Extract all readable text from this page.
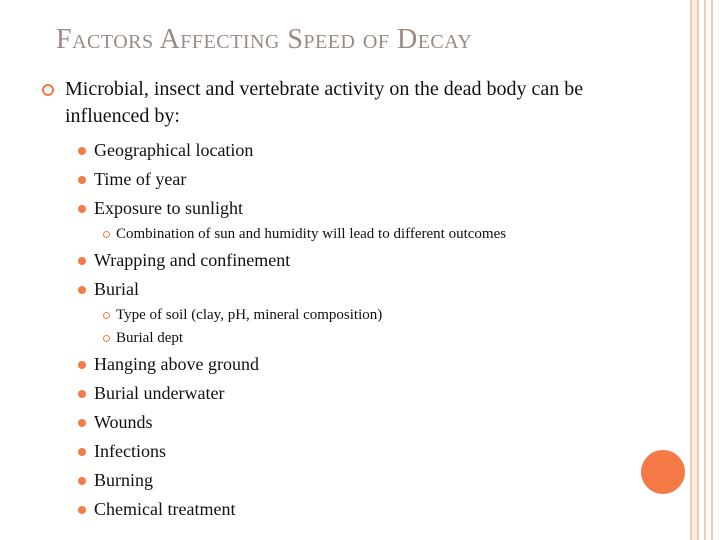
Factors Affecting Speed of Decay
Microbial, insect and vertebrate activity on the dead body can be influenced by:
Geographical location
Time of year
Exposure to sunlight
Combination of sun and humidity will lead to different outcomes
Wrapping and confinement
Burial
Type of soil (clay, pH, mineral composition)
Burial dept
Hanging above ground
Burial underwater
Wounds
Infections
Burning
Chemical treatment
